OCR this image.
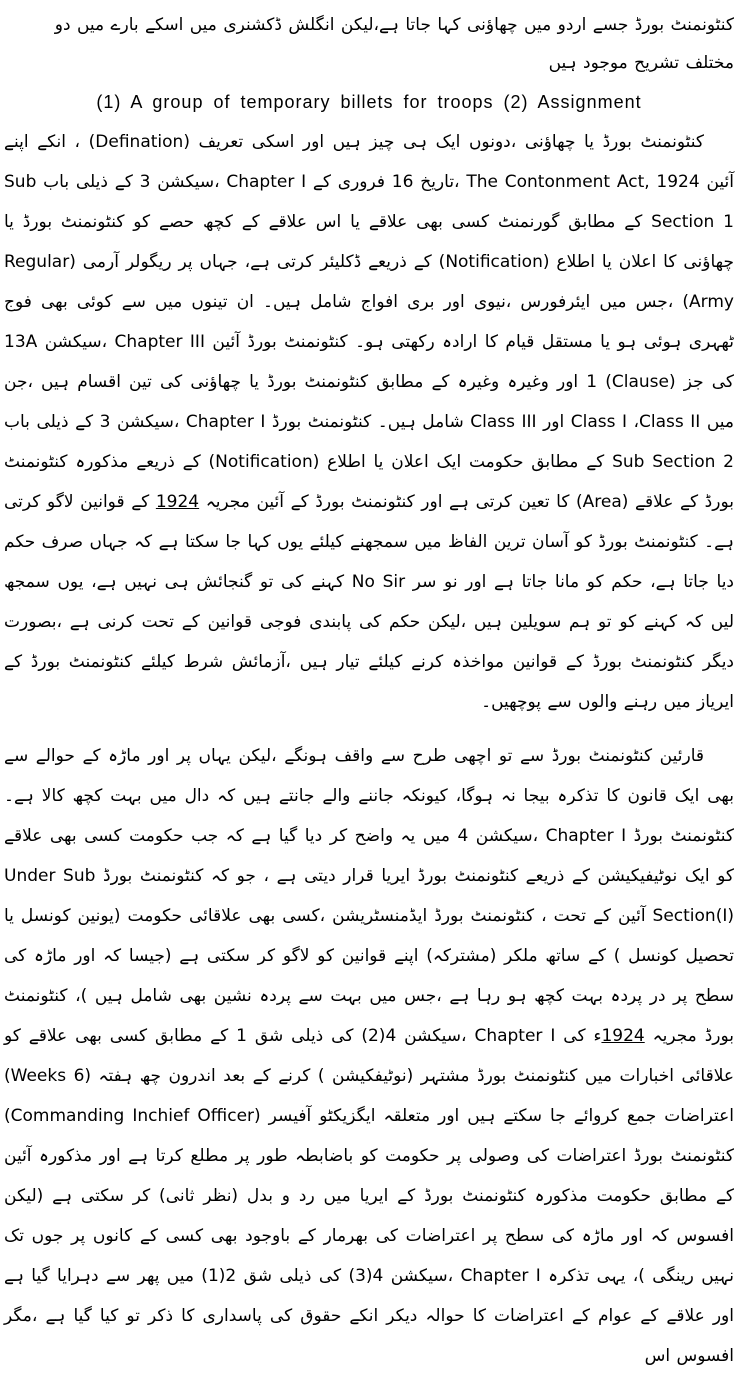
کنٹونمنٹ بورڈ جسے اردو میں چھاؤنی کہا جاتا ہے،لیکن انگلش ڈکشنری میں اسکے بارے میں دو مختلف تشریح موجود ہیں

(1) A group of temporary billets for troops (2) Assignment

کنٹونمنٹ بورڈ یا چھاؤنی ،دونوں ایک ہی چیز ہیں اور اسکی تعریف (Defination) ، انکے اپنے آئین The Contonment Act, 1924 ،تاریخ 16 فروری کے Chapter I ،سیکشن 3 کے ذیلی باب Sub Section 1 کے مطابق گورنمنٹ کسی بھی علاقے یا اس علاقے کے کچھ حصے کو کنٹونمنٹ بورڈ یا چھاؤنی کا اعلان یا اطلاع (Notification) کے ذریعے ڈکلیئر کرتی ہے، جہاں پر ریگولر آرمی (Regular Army) ،جس میں ایئرفورس ،نیوی اور بری افواج شامل ہیں۔ ان تینوں میں سے کوئی بھی فوج ٹھہری ہوئی ہو یا مستقل قیام کا ارادہ رکھتی ہو۔ کنٹونمنٹ بورڈ آئین Chapter III ،سیکشن 13A کی جز (Clause) 1 اور وغیرہ وغیرہ کے مطابق کنٹونمنٹ بورڈ یا چھاؤنی کی تین اقسام ہیں ،جن میں Class I ،Class II اور Class III شامل ہیں۔ کنٹونمنٹ بورڈ Chapter I ،سیکشن 3 کے ذیلی باب Sub Section 2 کے مطابق حکومت ایک اعلان یا اطلاع (Notification) کے ذریعے مذکورہ کنٹونمنٹ بورڈ کے علاقے (Area) کا تعین کرتی ہے اور کنٹونمنٹ بورڈ کے آئین مجریہ 1924 کے قوانین لاگو کرتی ہے۔ کنٹونمنٹ بورڈ کو آسان ترین الفاظ میں سمجھنے کیلئے یوں کہا جا سکتا ہے کہ جہاں صرف حکم دیا جاتا ہے، حکم کو مانا جاتا ہے اور نو سر No Sir کہنے کی تو گنجائش ہی نہیں ہے، یوں سمجھ لیں کہ کہنے کو تو ہم سویلین ہیں ،لیکن حکم کی پابندی فوجی قوانین کے تحت کرنی ہے ،بصورت دیگر کنٹونمنٹ بورڈ کے قوانین مواخذہ کرنے کیلئے تیار ہیں ،آزمائش شرط کیلئے کنٹونمنٹ بورڈ کے ایریاز میں رہنے والوں سے پوچھیں۔

قارئین کنٹونمنٹ بورڈ سے تو اچھی طرح سے واقف ہونگے ،لیکن یہاں پر اور ماڑہ کے حوالے سے بھی ایک قانون کا تذکرہ بیجا نہ ہوگا، کیونکہ جاننے والے جانتے ہیں کہ دال میں بہت کچھ کالا ہے۔ کنٹونمنٹ بورڈ Chapter I ،سیکشن 4 میں یہ واضح کر دیا گیا ہے کہ جب حکومت کسی بھی علاقے کو ایک نوٹیفیکیشن کے ذریعے کنٹونمنٹ بورڈ ایریا قرار دیتی ہے ، جو کہ کنٹونمنٹ بورڈ Under Sub Section(I) آئین کے تحت ، کنٹونمنٹ بورڈ ایڈمنسٹریشن ،کسی بھی علاقائی حکومت (یونین کونسل یا تحصیل کونسل ) کے ساتھ ملکر (مشترکہ) اپنے قوانین کو لاگو کر سکتی ہے (جیسا کہ اور ماڑہ کی سطح پر در پردہ بہت کچھ ہو رہا ہے ،جس میں بہت سے پردہ نشین بھی شامل ہیں )، کنٹونمنٹ بورڈ مجریہ 1924ء کی Chapter I ،سیکشن 4(2) کی ذیلی شق 1 کے مطابق کسی بھی علاقے کو علاقائی اخبارات میں کنٹونمنٹ بورڈ مشتہر (نوٹیفکیشن ) کرنے کے بعد اندرون چھ ہفتہ (6 Weeks) اعتراضات جمع کروائے جا سکتے ہیں اور متعلقہ ایگزیکٹو آفیسر (Commanding Inchief Officer) کنٹونمنٹ بورڈ اعتراضات کی وصولی پر حکومت کو باضابطہ طور پر مطلع کرتا ہے اور مذکورہ آئین کے مطابق حکومت مذکورہ کنٹونمنٹ بورڈ کے ایریا میں رد و بدل (نظر ثانی) کر سکتی ہے (لیکن افسوس کہ اور ماڑہ کی سطح پر اعتراضات کی بھرمار کے باوجود بھی کسی کے کانوں پر جوں تک نہیں رینگی )، یہی تذکرہ Chapter I ،سیکشن 4(3) کی ذیلی شق 2(1) میں پھر سے دہرایا گیا ہے اور علاقے کے عوام کے اعتراضات کا حوالہ دیکر انکے حقوق کی پاسداری کا ذکر تو کیا گیا ہے ،مگر افسوس اس
